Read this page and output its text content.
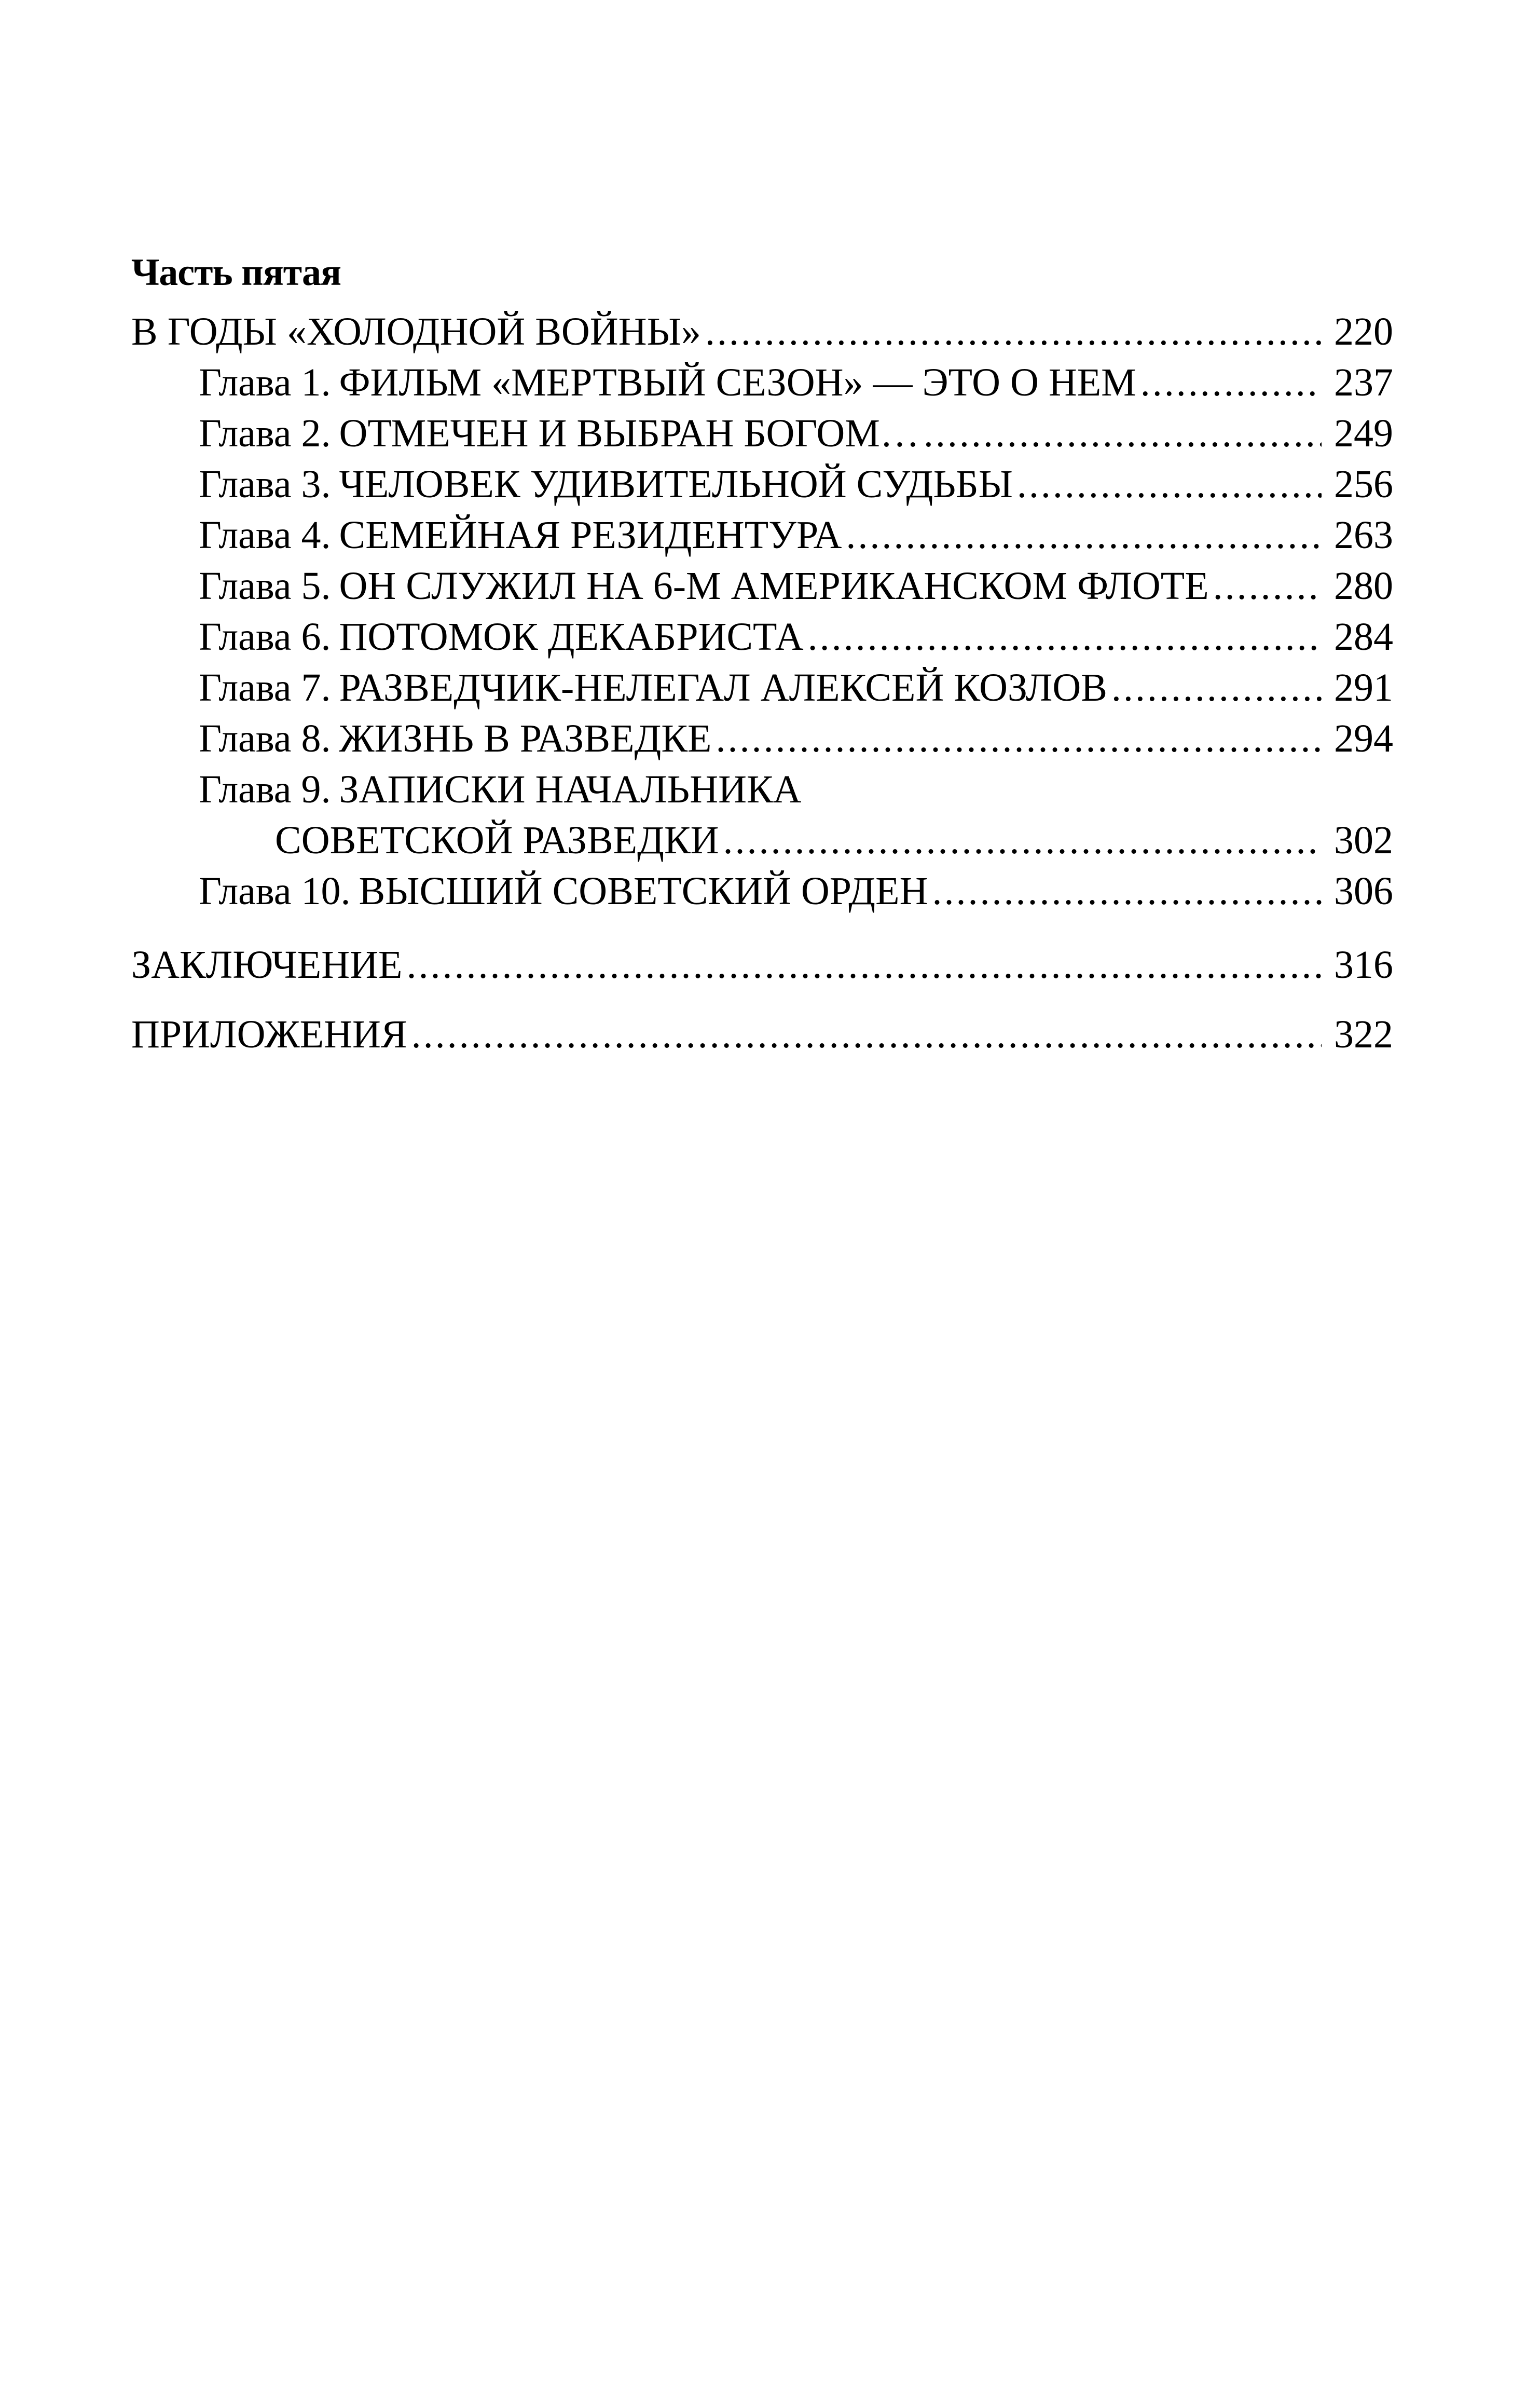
Часть пятая
В ГОДЫ «ХОЛОДНОЙ ВОЙНЫ» .....	220
Глава 1. ФИЛЬМ «МЕРТВЫЙ СЕЗОН» — ЭТО О НЕМ .....	237
Глава 2. ОТМЕЧЕН И ВЫБРАН БОГОМ… .....	249
Глава 3. ЧЕЛОВЕК УДИВИТЕЛЬНОЙ СУДЬБЫ .....	256
Глава 4. СЕМЕЙНАЯ РЕЗИДЕНТУРА .....	263
Глава 5. ОН СЛУЖИЛ НА 6-М АМЕРИКАНСКОМ ФЛОТЕ .....	280
Глава 6. ПОТОМОК ДЕКАБРИСТА .....	284
Глава 7. РАЗВЕДЧИК-НЕЛЕГАЛ АЛЕКСЕЙ КОЗЛОВ .....	291
Глава 8. ЖИЗНЬ В РАЗВЕДКЕ .....	294
Глава 9. ЗАПИСКИ НАЧАЛЬНИКА
СОВЕТСКОЙ РАЗВЕДКИ .....	302
Глава 10. ВЫСШИЙ СОВЕТСКИЙ ОРДЕН .....	306
ЗАКЛЮЧЕНИЕ .....	316
ПРИЛОЖЕНИЯ .....	322
